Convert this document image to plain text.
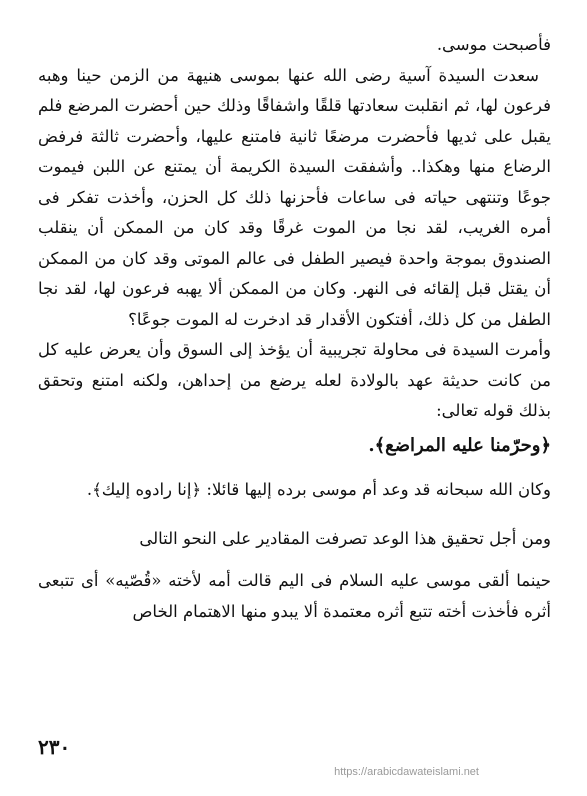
فأصبحت موسى.

سعدت السيدة آسية رضى الله عنها بموسى هنيهة من الزمن حينا وهبه فرعون لها، ثم انقلبت سعادتها قلقًا واشفاقًا وذلك حين أحضرت المرضع فلم يقبل على ثديها فأحضرت مرضعًا ثانية فامتنع عليها، وأحضرت ثالثة فرفض الرضاع منها وهكذا.. وأشفقت السيدة الكريمة أن يمتنع عن اللبن فيموت جوعًا وتنتهى حياته فى ساعات فأحزنها ذلك كل الحزن، وأخذت تفكر فى أمره الغريب، لقد نجا من الموت غرقًا وقد كان من الممكن أن ينقلب الصندوق بموجة واحدة فيصير الطفل فى عالم الموتى وقد كان من الممكن أن يقتل قبل إلقائه فى النهر. وكان من الممكن ألا يهبه فرعون لها، لقد نجا الطفل من كل ذلك، أفتكون الأقدار قد ادخرت له الموت جوعًا؟

وأمرت السيدة فى محاولة تجريبية أن يؤخذ إلى السوق وأن يعرض عليه كل من كانت حديثة عهد بالولادة لعله يرضع من إحداهن، ولكنه امتنع وتحقق بذلك قوله تعالى:

﴿وحرّمنا عليه المراضع﴾.

وكان الله سبحانه قد وعد أم موسى برده إليها قائلا: ﴿إنا رادوه إليك﴾.

ومن أجل تحقيق هذا الوعد تصرفت المقادير على النحو التالى

حينما ألقى موسى عليه السلام فى اليم قالت أمه لأخته «قُصّيه» أى تتبعى أثره فأخذت أخته تتبع أثره معتمدة ألا يبدو منها الاهتمام الخاص

٢٣٠
https://arabicdawateislami.net
